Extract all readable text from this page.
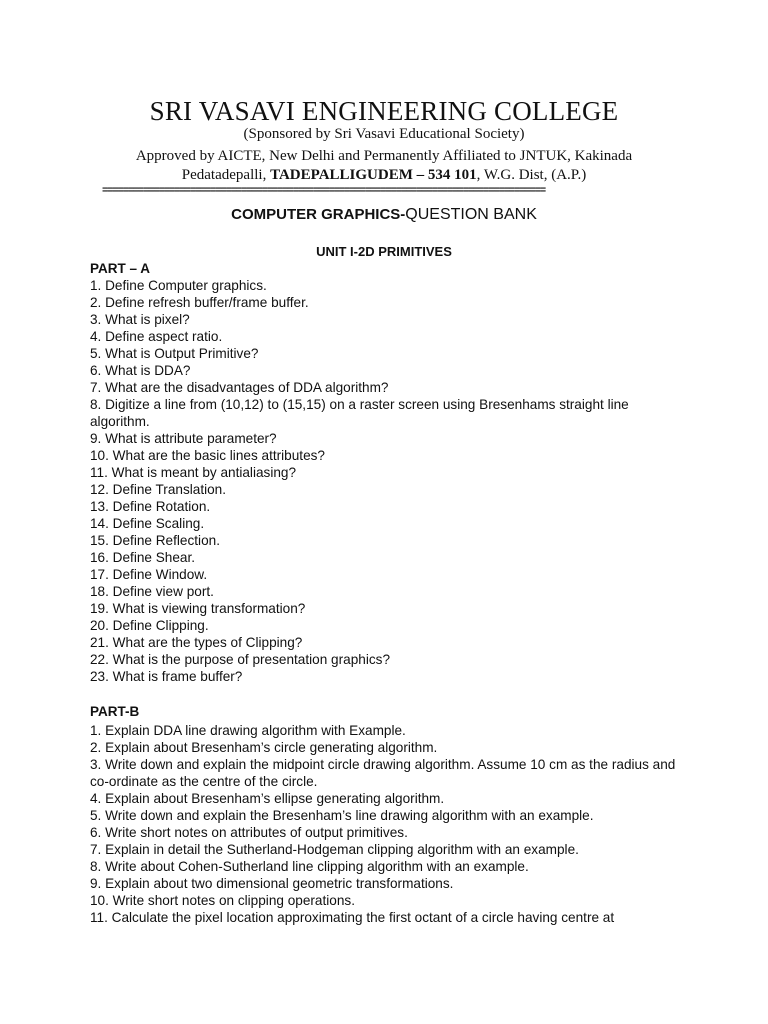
SRI VASAVI ENGINEERING COLLEGE
(Sponsored by Sri Vasavi Educational Society)
Approved by AICTE, New Delhi and Permanently Affiliated to JNTUK, Kakinada
Pedatadepalli, TADEPALLIGUDEM – 534 101, W.G. Dist, (A.P.)
======================================================================================
COMPUTER GRAPHICS-QUESTION BANK
UNIT I-2D PRIMITIVES
PART – A
1. Define Computer graphics.
2. Define refresh buffer/frame buffer.
3. What is pixel?
4. Define aspect ratio.
5. What is Output Primitive?
6. What is DDA?
7. What are the disadvantages of DDA algorithm?
8. Digitize a line from (10,12) to (15,15) on a raster screen using Bresenhams straight line algorithm.
9. What is attribute parameter?
10. What are the basic lines attributes?
11. What is meant by antialiasing?
12. Define Translation.
13. Define Rotation.
14. Define Scaling.
15. Define Reflection.
16. Define Shear.
17. Define Window.
18. Define view port.
19. What is viewing transformation?
20. Define Clipping.
21. What are the types of Clipping?
22. What is the purpose of presentation graphics?
23. What is frame buffer?
PART-B
1. Explain DDA line drawing algorithm with Example.
2. Explain about Bresenham’s circle generating algorithm.
3. Write down and explain the midpoint circle drawing algorithm. Assume 10 cm as the radius and co-ordinate as the centre of the circle.
4. Explain about Bresenham’s ellipse generating algorithm.
5. Write down and explain the Bresenham’s line drawing algorithm with an example.
6. Write short notes on attributes of output primitives.
7. Explain in detail the Sutherland-Hodgeman clipping algorithm with an example.
8. Write about Cohen-Sutherland line clipping algorithm with an example.
9. Explain about two dimensional geometric transformations.
10. Write short notes on clipping operations.
11. Calculate the pixel location approximating the first octant of a circle having centre at
